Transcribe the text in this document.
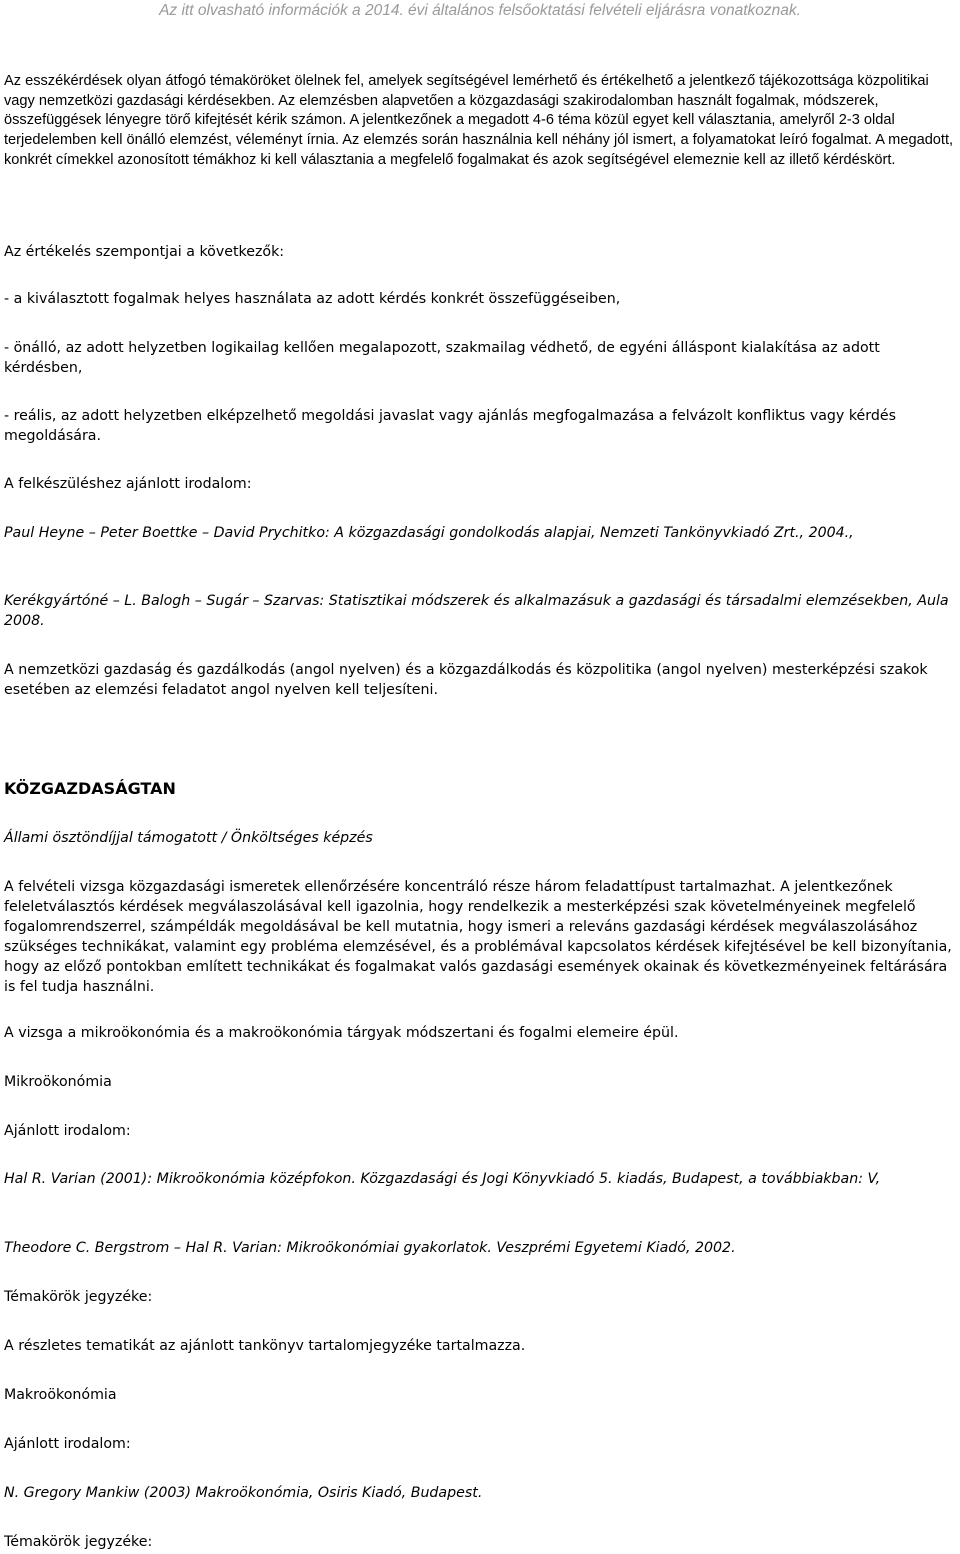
Az itt olvasható információk a 2014. évi általános felsőoktatási felvételi eljárásra vonatkoznak.

Az esszékérdések olyan átfogó témaköröket ölelnek fel, amelyek segítségével lemérhető és értékelhető a jelentkező tájékozottsága közpolitikai vagy nemzetközi gazdasági kérdésekben. Az elemzésben alapvetően a közgazdasági szakirodalomban használt fogalmak, módszerek, összefüggések lényegre törő kifejtését kérik számon. A jelentkezőnek a megadott 4-6 téma közül egyet kell választania, amelyről 2-3 oldal terjedelemben kell önálló elemzést, véleményt írnia. Az elemzés során használnia kell néhány jól ismert, a folyamatokat leíró fogalmat. A megadott, konkrét címekkel azonosított témákhoz ki kell választania a megfelelő fogalmakat és azok segítségével elemeznie kell az illető kérdéskört.

Az értékelés szempontjai a következők:

- a kiválasztott fogalmak helyes használata az adott kérdés konkrét összefüggéseiben,

- önálló, az adott helyzetben logikailag kellően megalapozott, szakmailag védhető, de egyéni álláspont kialakítása az adott kérdésben,

- reális, az adott helyzetben elképzelhető megoldási javaslat vagy ajánlás megfogalmazása a felvázolt konfliktus vagy kérdés megoldására.

A felkészüléshez ajánlott irodalom:

Paul Heyne – Peter Boettke – David Prychitko: A közgazdasági gondolkodás alapjai, Nemzeti Tankönyvkiadó Zrt., 2004.,

Kerékgyártóné – L. Balogh – Sugár – Szarvas: Statisztikai módszerek és alkalmazásuk a gazdasági és társadalmi elemzésekben, Aula 2008.

A nemzetközi gazdaság és gazdálkodás (angol nyelven) és a közgazdálkodás és közpolitika (angol nyelven) mesterképzési szakok esetében az elemzési feladatot angol nyelven kell teljesíteni.

KÖZGAZDASÁGTAN

Állami ösztöndíjjal támogatott / Önköltséges képzés

A felvételi vizsga közgazdasági ismeretek ellenőrzésére koncentráló része három feladattípust tartalmazhat. A jelentkezőnek feleletválasztós kérdések megválaszolásával kell igazolnia, hogy rendelkezik a mesterképzési szak követelményeinek megfelelő fogalomrendszerrel, számpéldák megoldásával be kell mutatnia, hogy ismeri a releváns gazdasági kérdések megválaszolásához szükséges technikákat, valamint egy probléma elemzésével, és a problémával kapcsolatos kérdések kifejtésével be kell bizonyítania, hogy az előző pontokban említett technikákat és fogalmakat valós gazdasági események okainak és következményeinek feltárására is fel tudja használni.

A vizsga a mikroökonómia és a makroökonómia tárgyak módszertani és fogalmi elemeire épül.

Mikroökonómia

Ajánlott irodalom:

Hal R. Varian (2001): Mikroökonómia középfokon. Közgazdasági és Jogi Könyvkiadó 5. kiadás, Budapest, a továbbiakban: V,

Theodore C. Bergstrom – Hal R. Varian: Mikroökonómiai gyakorlatok. Veszprémi Egyetemi Kiadó, 2002.

Témakörök jegyzéke:

A részletes tematikát az ajánlott tankönyv tartalomjegyzéke tartalmazza.

Makroökonómia

Ajánlott irodalom:

N. Gregory Mankiw (2003) Makroökonómia, Osiris Kiadó, Budapest.

Témakörök jegyzéke:
